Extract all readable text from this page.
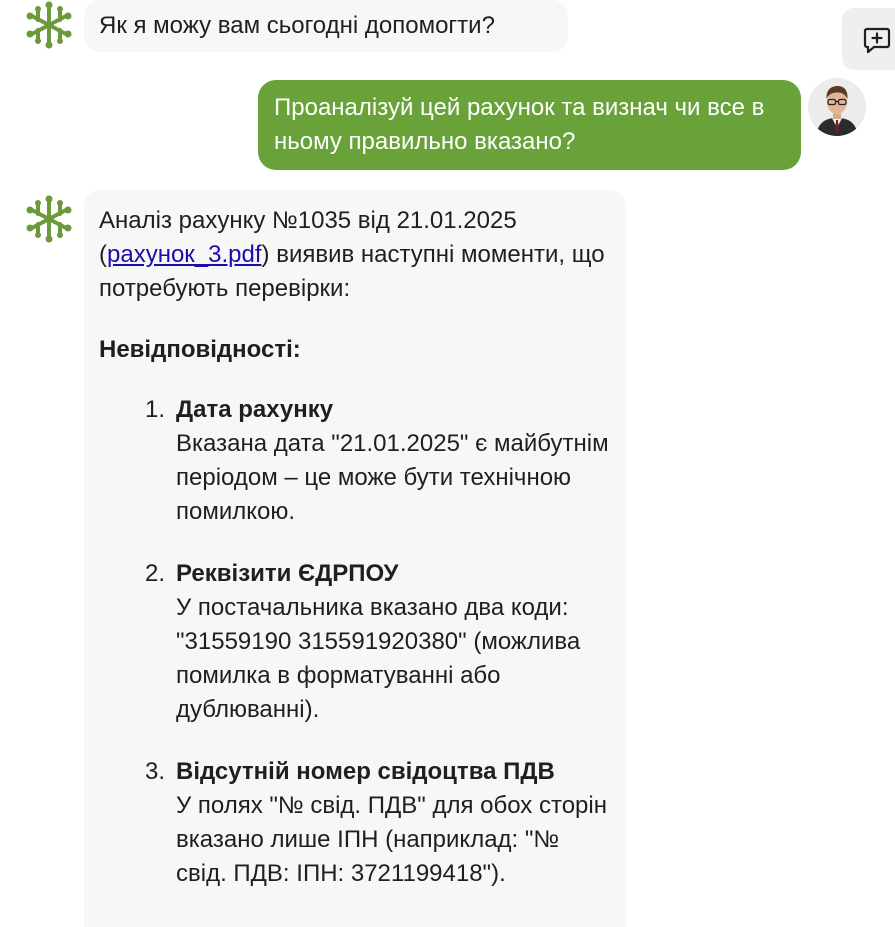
Як я можу вам сьогодні допомогти?
Проаналізуй цей рахунок та визнач чи все в ньому правильно вказано?

Аналіз рахунку №1035 від 21.01.2025 (рахунок_3.pdf) виявив наступні моменти, що потребують перевірки:

Невідповідності:

1. Дата рахунку
Вказана дата "21.01.2025" є майбутнім періодом – це може бути технічною помилкою.
2. Реквізити ЄДРПОУ
У постачальника вказано два коди: "31559190 315591920380" (можлива помилка в форматуванні або дублюванні).
3. Відсутній номер свідоцтва ПДВ
У полях "№ свід. ПДВ" для обох сторін вказано лише ІПН (наприклад: "№ свід. ПДВ: ІПН: 3721199418").
